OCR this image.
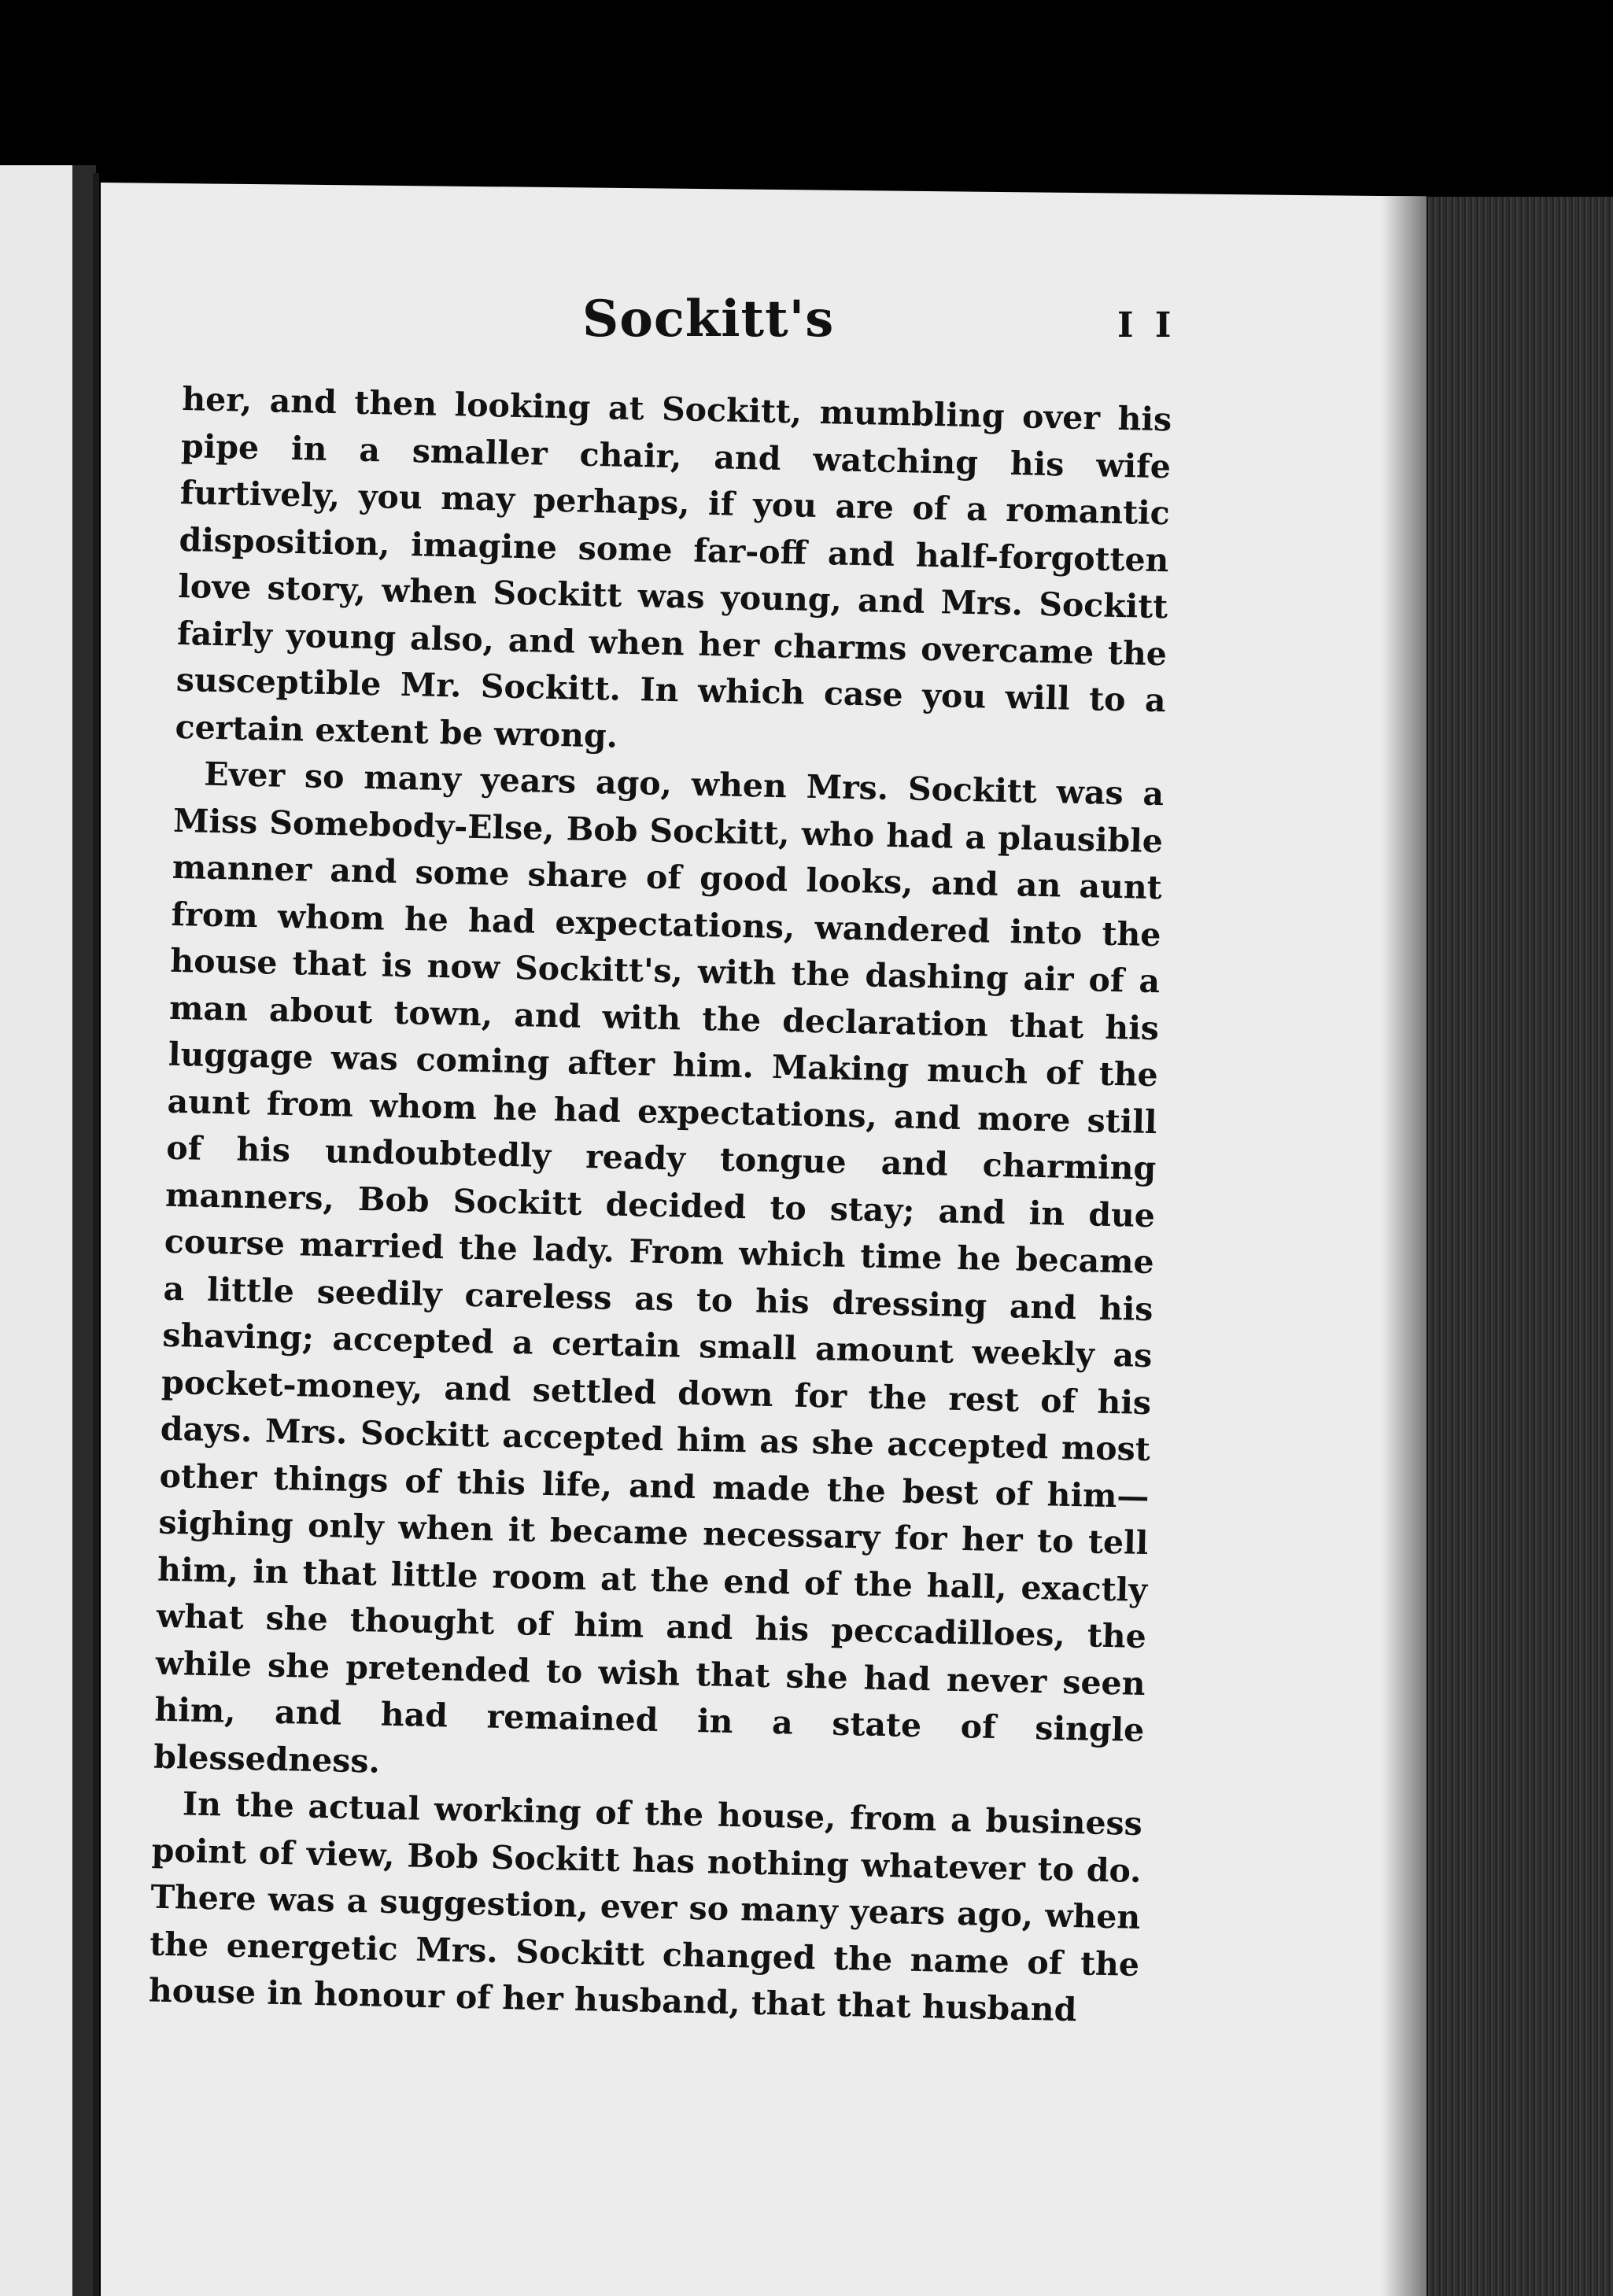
Sockitt's	I I

her, and then looking at Sockitt, mumbling over his pipe in a smaller chair, and watching his wife furtively, you may perhaps, if you are of a romantic disposition, imagine some far-off and half-forgotten love story, when Sockitt was young, and Mrs. Sockitt fairly young also, and when her charms overcame the susceptible Mr. Sockitt. In which case you will to a certain extent be wrong.

Ever so many years ago, when Mrs. Sockitt was a Miss Somebody-Else, Bob Sockitt, who had a plausible manner and some share of good looks, and an aunt from whom he had expectations, wandered into the house that is now Sockitt's, with the dashing air of a man about town, and with the declaration that his luggage was coming after him. Making much of the aunt from whom he had expectations, and more still of his undoubtedly ready tongue and charming manners, Bob Sockitt decided to stay; and in due course married the lady. From which time he became a little seedily careless as to his dressing and his shaving; accepted a certain small amount weekly as pocket-money, and settled down for the rest of his days. Mrs. Sockitt accepted him as she accepted most other things of this life, and made the best of him—sighing only when it became necessary for her to tell him, in that little room at the end of the hall, exactly what she thought of him and his peccadilloes, the while she pretended to wish that she had never seen him, and had remained in a state of single blessedness.

In the actual working of the house, from a business point of view, Bob Sockitt has nothing whatever to do. There was a suggestion, ever so many years ago, when the energetic Mrs. Sockitt changed the name of the house in honour of her husband, that that husband
